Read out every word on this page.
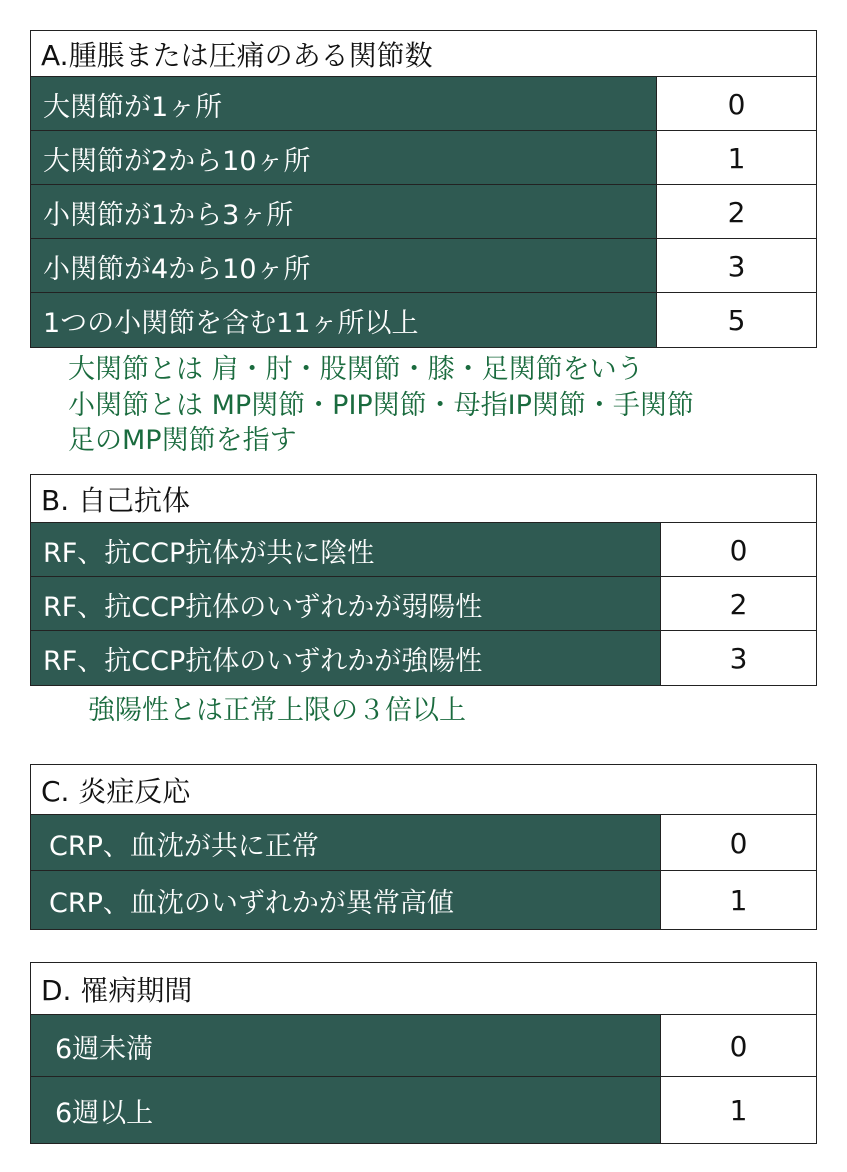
A.腫脹または圧痛のある関節数
大関節が1ヶ所	0
大関節が2から10ヶ所	1
小関節が1から3ヶ所	2
小関節が4から10ヶ所	3
1つの小関節を含む11ヶ所以上	5
大関節とは 肩・肘・股関節・膝・足関節をいう
小関節とは MP関節・PIP関節・母指IP関節・手関節
足のMP関節を指す
B. 自己抗体
RF、抗CCP抗体が共に陰性	0
RF、抗CCP抗体のいずれかが弱陽性	2
RF、抗CCP抗体のいずれかが強陽性	3
強陽性とは正常上限の３倍以上
C. 炎症反応
CRP、血沈が共に正常	0
CRP、血沈のいずれかが異常高値	1
D. 罹病期間
6週未満	0
6週以上	1
